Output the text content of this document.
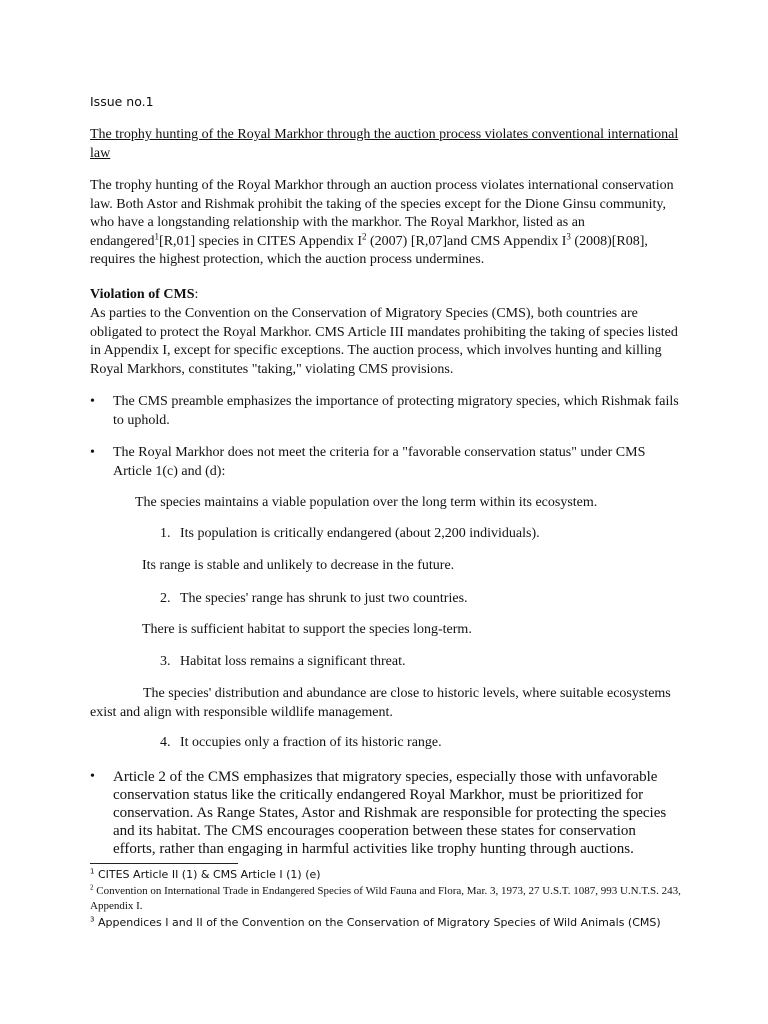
Issue no.1
The trophy hunting of the Royal Markhor through the auction process violates conventional international law
The trophy hunting of the Royal Markhor through an auction process violates international conservation law. Both Astor and Rishmak prohibit the taking of the species except for the Dione Ginsu community, who have a longstanding relationship with the markhor. The Royal Markhor, listed as an endangered$^1$[R,01] species in CITES Appendix $I^2$ (2007) [R,07]and CMS Appendix $I^3$ (2008)[R08], requires the highest protection, which the auction process undermines.
Violation of CMS:
As parties to the Convention on the Conservation of Migratory Species (CMS), both countries are obligated to protect the Royal Markhor. CMS Article III mandates prohibiting the taking of species listed in Appendix I, except for specific exceptions. The auction process, which involves hunting and killing Royal Markhors, constitutes "taking," violating CMS provisions.
• The CMS preamble emphasizes the importance of protecting migratory species, which Rishmak fails to uphold.
• The Royal Markhor does not meet the criteria for a "favorable conservation status" under CMS Article 1(c) and (d):
The species maintains a viable population over the long term within its ecosystem.
1. Its population is critically endangered (about 2,200 individuals).
Its range is stable and unlikely to decrease in the future.
2. The species' range has shrunk to just two countries.
There is sufficient habitat to support the species long-term.
3. Habitat loss remains a significant threat.
The species' distribution and abundance are close to historic levels, where suitable ecosystems exist and align with responsible wildlife management.
4. It occupies only a fraction of its historic range.
• Article 2 of the CMS emphasizes that migratory species, especially those with unfavorable conservation status like the critically endangered Royal Markhor, must be prioritized for conservation. As Range States, Astor and Rishmak are responsible for protecting the species and its habitat. The CMS encourages cooperation between these states for conservation efforts, rather than engaging in harmful activities like trophy hunting through auctions.
$^1$ CITES Article II (1) & CMS Article I (1) (e)
$^2$ Convention on International Trade in Endangered Species of Wild Fauna and Flora, Mar. 3, 1973, 27 U.S.T. 1087, 993 U.N.T.S. 243, Appendix I.
$^3$ Appendices I and II of the Convention on the Conservation of Migratory Species of Wild Animals (CMS)
